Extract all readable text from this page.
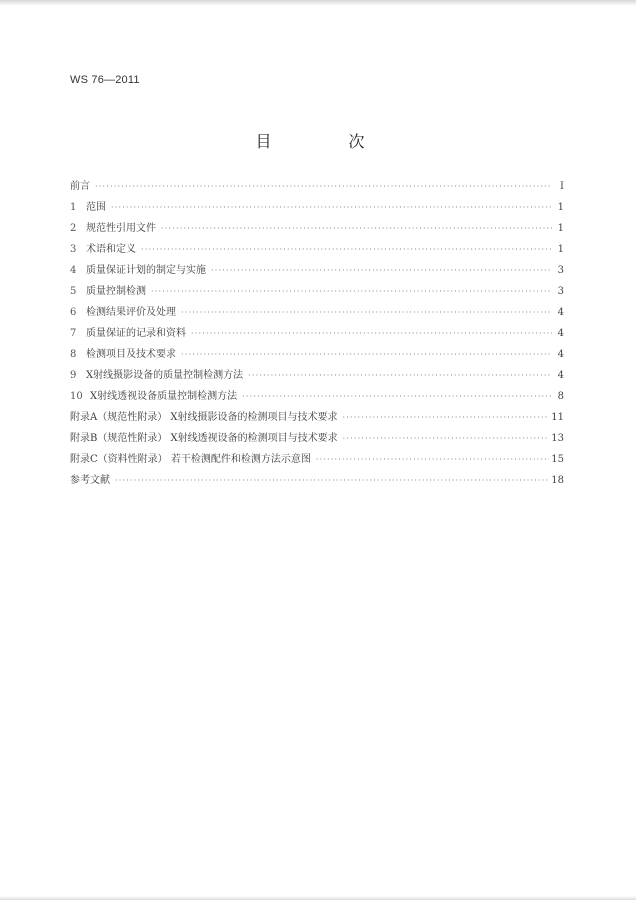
WS 76—2011
目 次
前言 ·····	I
1 范围 ·····	1
2 规范性引用文件 ·····	1
3 术语和定义 ·····	1
4 质量保证计划的制定与实施 ·····	3
5 质量控制检测 ·····	3
6 检测结果评价及处理 ·····	4
7 质量保证的记录和资料 ·····	4
8 检测项目及技术要求 ·····	4
9 X射线摄影设备的质量控制检测方法 ·····	4
10 X射线透视设备质量控制检测方法 ·····	8
附录A（规范性附录） X射线摄影设备的检测项目与技术要求 ·····	11
附录B（规范性附录） X射线透视设备的检测项目与技术要求 ·····	13
附录C（资料性附录） 若干检测配件和检测方法示意图 ·····	15
参考文献 ·····	18
